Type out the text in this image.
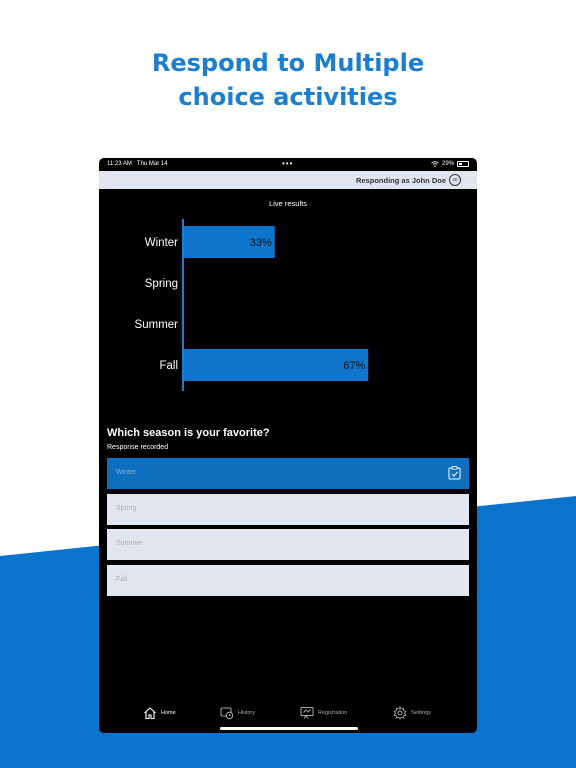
Respond to Multiple
choice activities
11:23 AM Thu Mar 14	•••	29%
Responding as John Doe	JD
Live results
Winter	33%
Spring
Summer
Fall	67%
Which season is your favorite?
Response recorded
Winter
Spring
Summer
Fall
Home	History	Registration	Settings
